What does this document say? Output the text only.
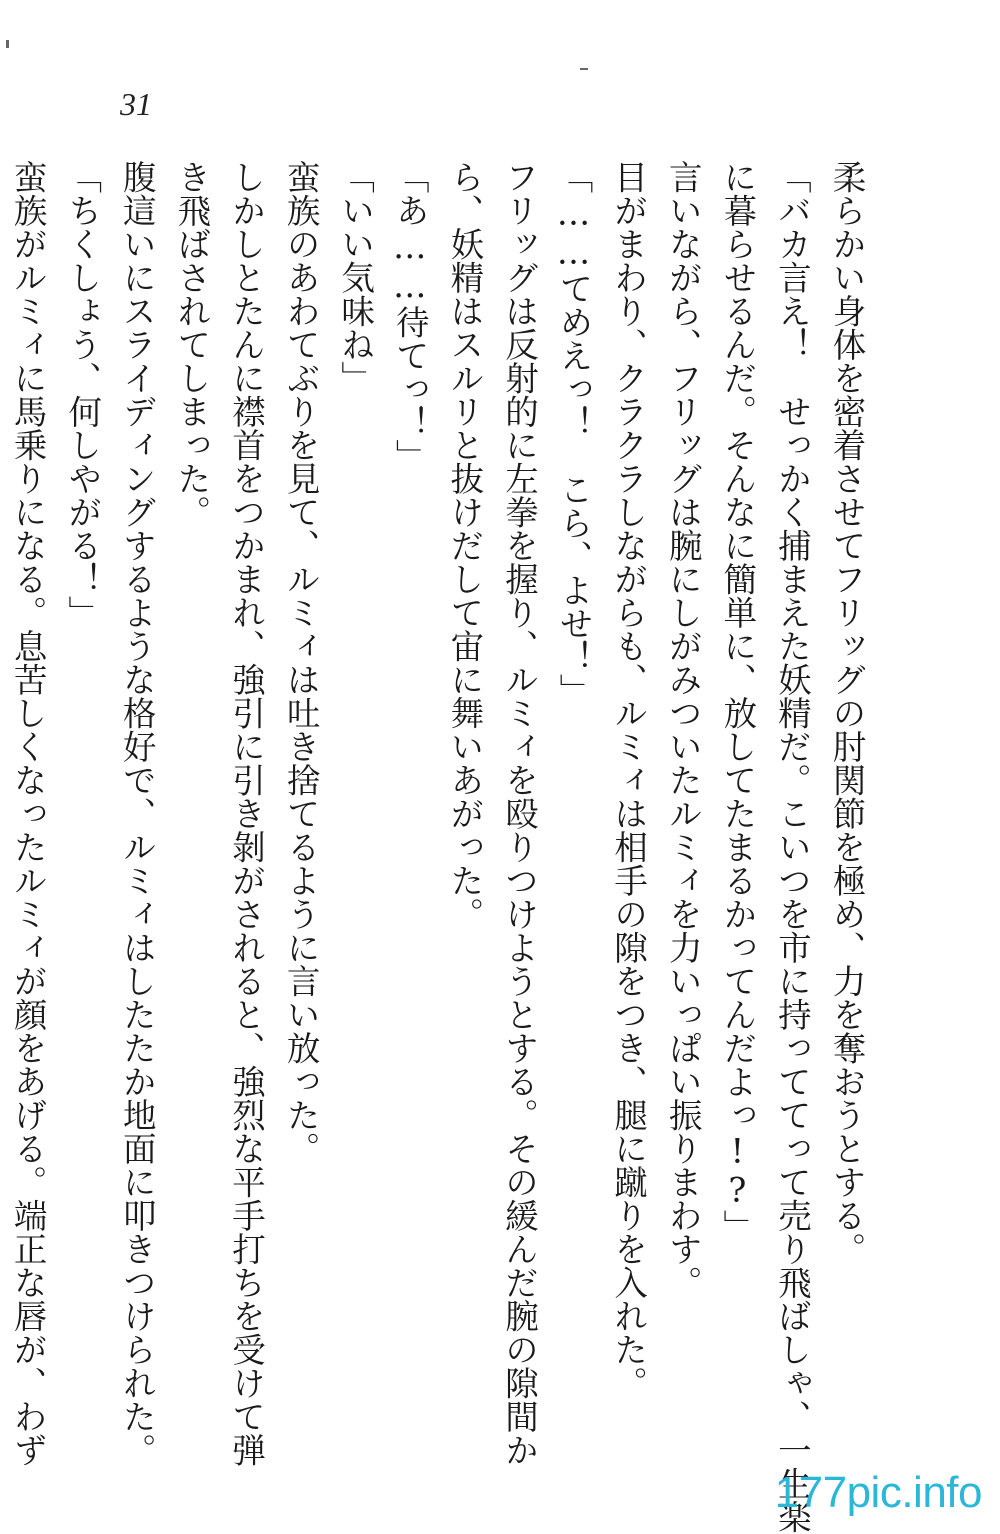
31

柔らかい身体を密着させてフリッグの肘関節を極め、力を奪おうとする。

「バカ言え！　せっかく捕まえた妖精だ。こいつを市に持っててって売り飛ばしゃ、一生楽

に暮らせるんだ。そんなに簡単に、放してたまるかってんだよっ!?」

言いながら、フリッグは腕にしがみついたルミィを力いっぱい振りまわす。

目がまわり、クラクラしながらも、ルミィは相手の隙をつき、腿に蹴りを入れた。

「……てめえっ！　こら、よせ！」

フリッグは反射的に左拳を握り、ルミィを殴りつけようとする。その緩んだ腕の隙間か

ら、妖精はスルリと抜けだして宙に舞いあがった。

「あ……待てっ！」

「いい気味ね」

蛮族のあわてぶりを見て、ルミィは吐き捨てるように言い放った。

しかしとたんに襟首をつかまれ、強引に引き剝がされると、強烈な平手打ちを受けて弾

き飛ばされてしまった。

腹這いにスライディングするような格好で、ルミィはしたたか地面に叩きつけられた。

「ちくしょう、何しやがる！」

蛮族がルミィに馬乗りになる。息苦しくなったルミィが顔をあげる。端正な唇が、わず

177pic.info
